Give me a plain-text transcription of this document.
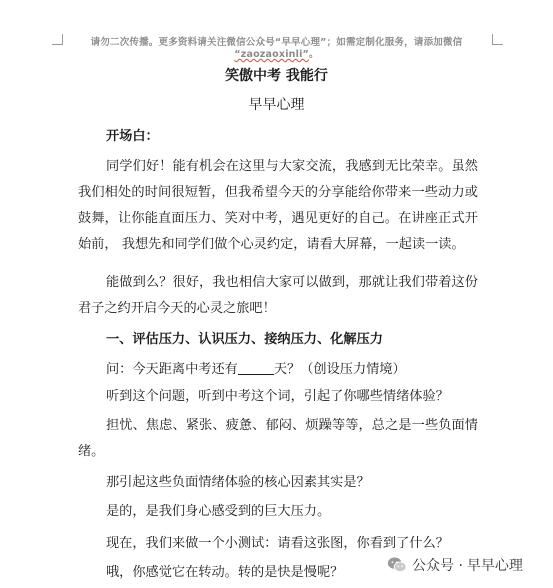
请勿二次传播。更多资料请关注微信公众号“早早心理”；如需定制化服务，请添加微信
“zaozaoxinli”。
笑傲中考 我能行
早早心理

开场白：

同学们好！能有机会在这里与大家交流，我感到无比荣幸。虽然我们相处的时间很短暂，但我希望今天的分享能给你带来一些动力或鼓舞，让你能直面压力、笑对中考，遇见更好的自己。在讲座正式开始前， 我想先和同学们做个心灵约定，请看大屏幕，一起读一读。

能做到么？很好，我也相信大家可以做到，那就让我们带着这份君子之约开启今天的心灵之旅吧！

一、评估压力、认识压力、接纳压力、化解压力

问：今天距离中考还有	天？（创设压力情境）

听到这个问题，听到中考这个词，引起了你哪些情绪体验？

担忧、焦虑、紧张、疲惫、郁闷、烦躁等等，总之是一些负面情绪。

那引起这些负面情绪体验的核心因素其实是？

是的，是我们身心感受到的巨大压力。

现在，我们来做一个小测试：请看这张图，你看到了什么？

哦，你感觉它在转动。转的是快是慢呢？	公众号 · 早早心理
